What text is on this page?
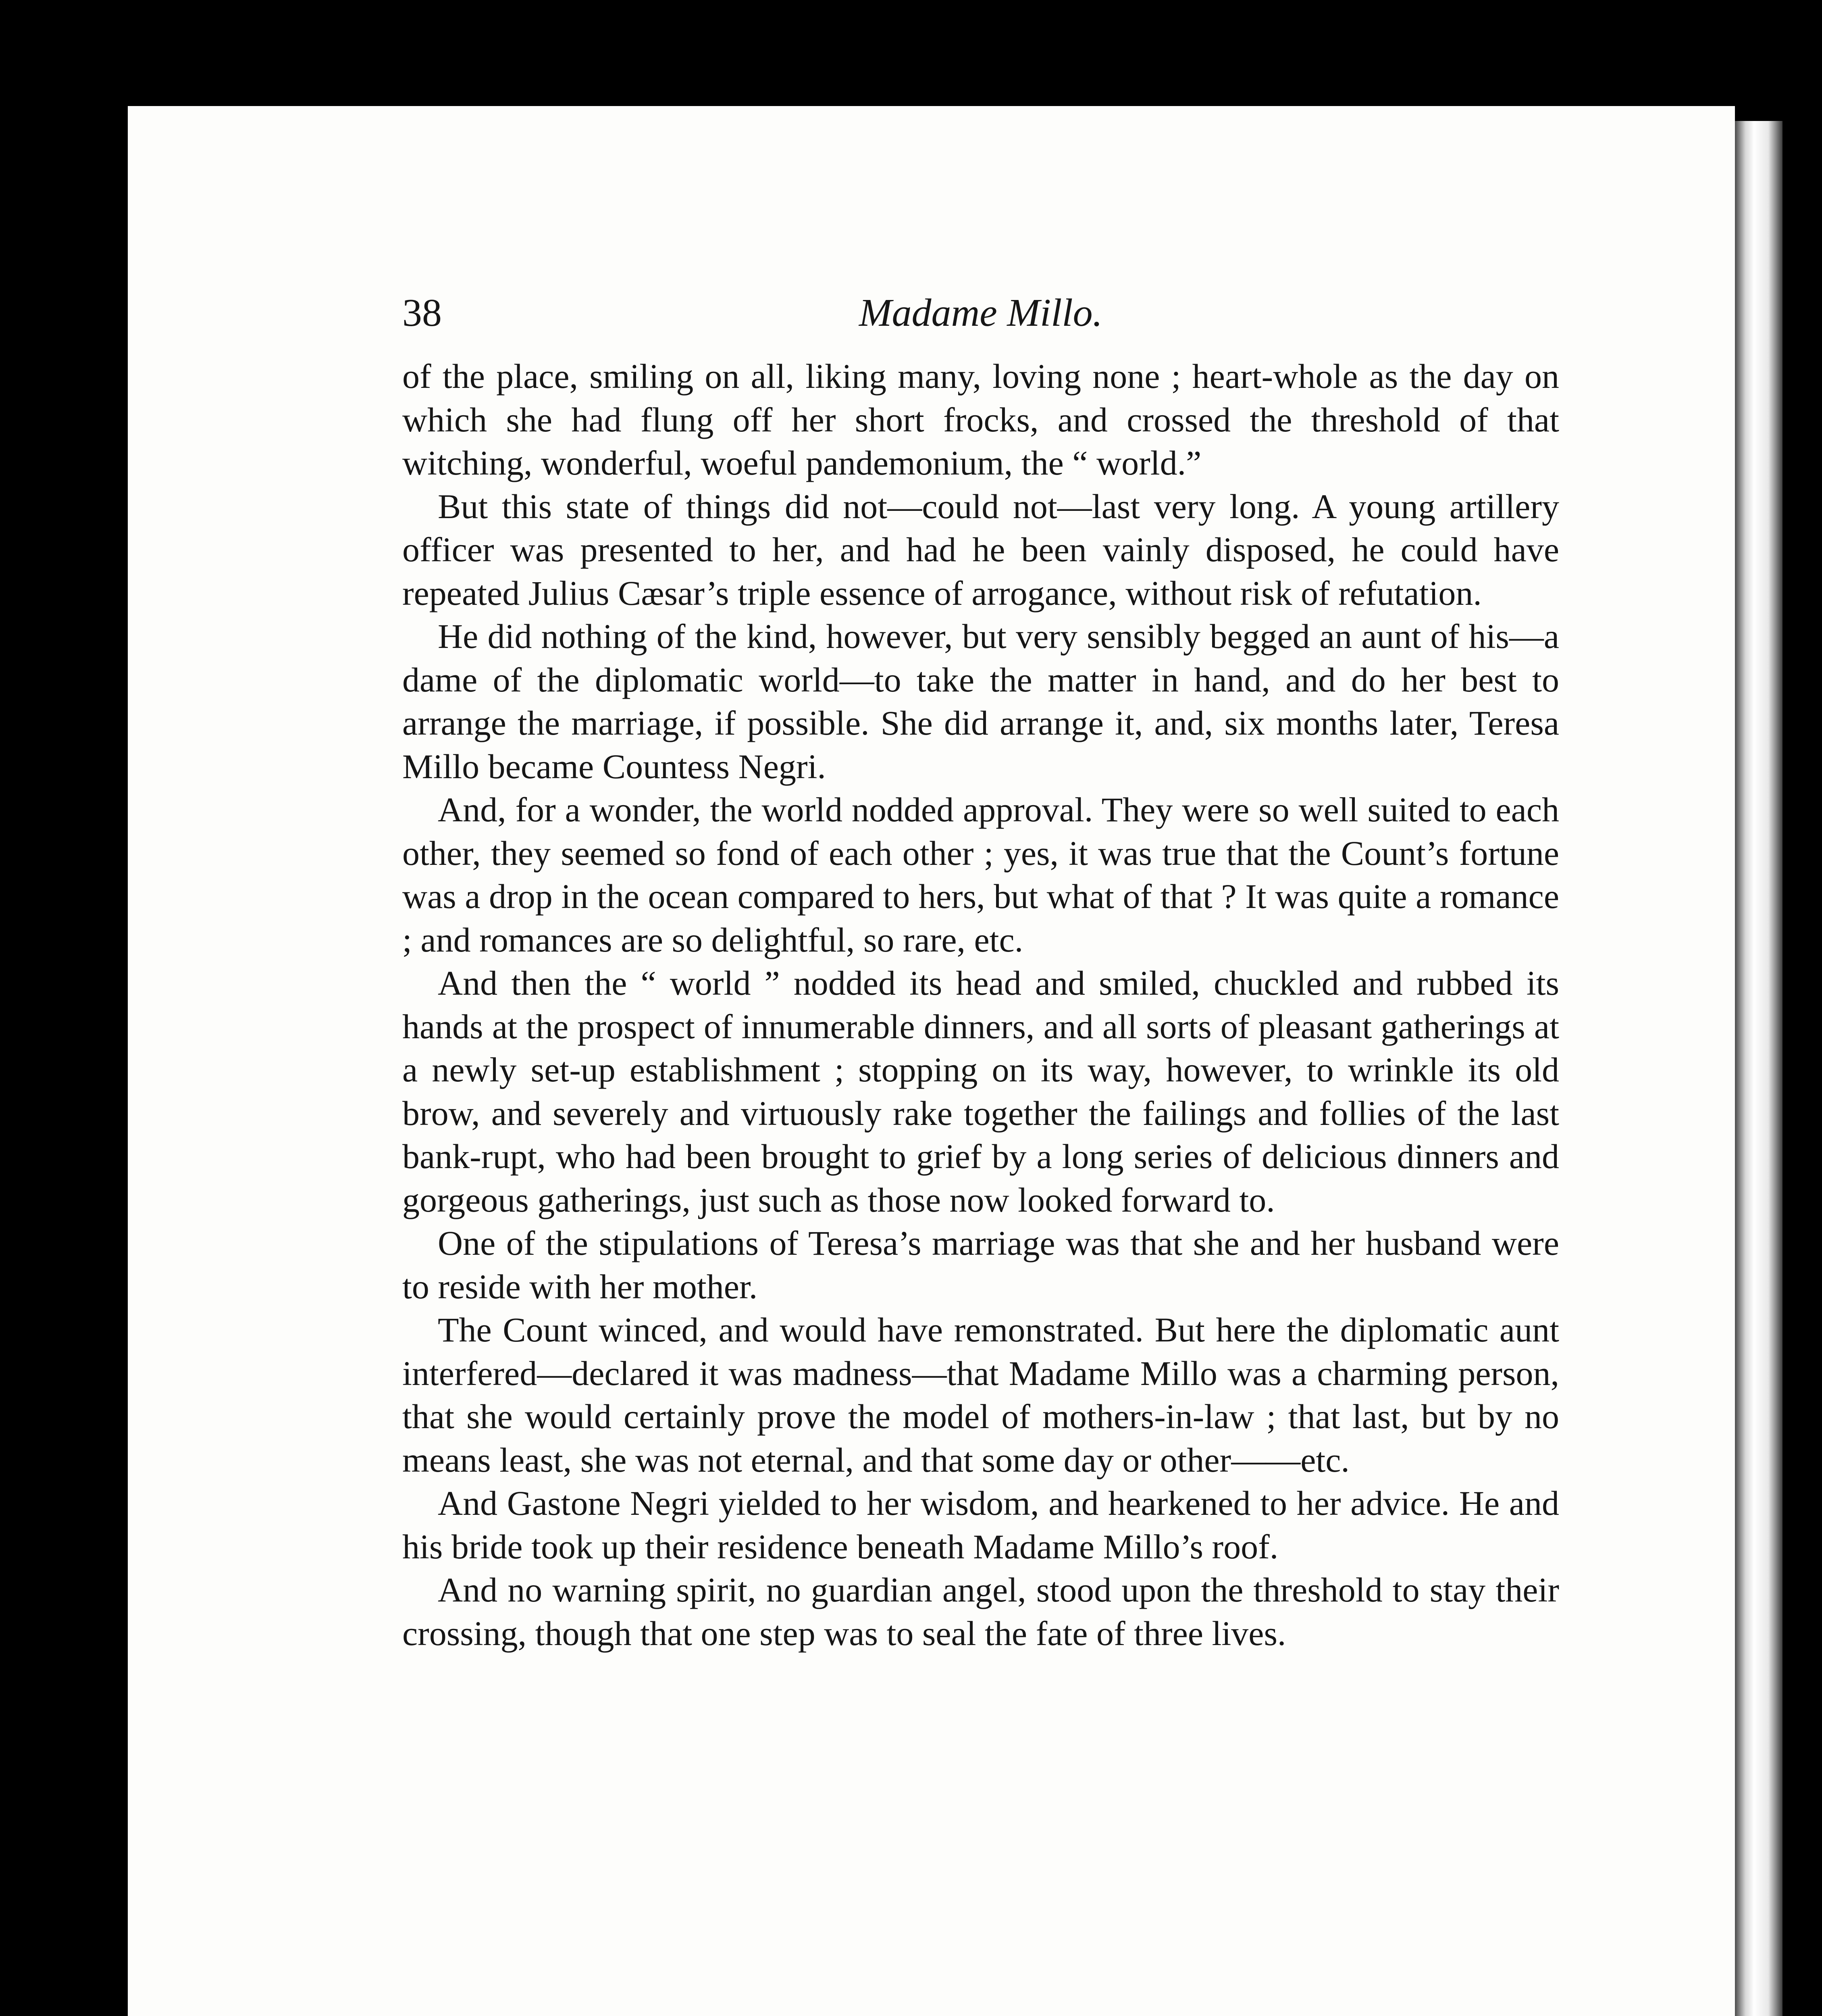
38	Madame Millo.

of the place, smiling on all, liking many, loving none ; heart-whole as the day on which she had flung off her short frocks, and crossed the threshold of that witching, wonderful, woeful pandemonium, the “ world.”

But this state of things did not—could not—last very long. A young artillery officer was presented to her, and had he been vainly disposed, he could have repeated Julius Cæsar’s triple essence of arrogance, without risk of refutation.

He did nothing of the kind, however, but very sensibly begged an aunt of his—a dame of the diplomatic world—to take the matter in hand, and do her best to arrange the marriage, if possible. She did arrange it, and, six months later, Teresa Millo became Countess Negri.

And, for a wonder, the world nodded approval. They were so well suited to each other, they seemed so fond of each other ; yes, it was true that the Count’s fortune was a drop in the ocean compared to hers, but what of that ? It was quite a romance ; and romances are so delightful, so rare, etc.

And then the “ world ” nodded its head and smiled, chuckled and rubbed its hands at the prospect of innumerable dinners, and all sorts of pleasant gatherings at a newly set-up establishment ; stopping on its way, however, to wrinkle its old brow, and severely and virtuously rake together the failings and follies of the last bank-rupt, who had been brought to grief by a long series of delicious dinners and gorgeous gatherings, just such as those now looked forward to.

One of the stipulations of Teresa’s marriage was that she and her husband were to reside with her mother.

The Count winced, and would have remonstrated. But here the diplomatic aunt interfered—declared it was madness—that Madame Millo was a charming person, that she would certainly prove the model of mothers-in-law ; that last, but by no means least, she was not eternal, and that some day or other——etc.

And Gastone Negri yielded to her wisdom, and hearkened to her advice. He and his bride took up their residence beneath Madame Millo’s roof.

And no warning spirit, no guardian angel, stood upon the threshold to stay their crossing, though that one step was to seal the fate of three lives.
